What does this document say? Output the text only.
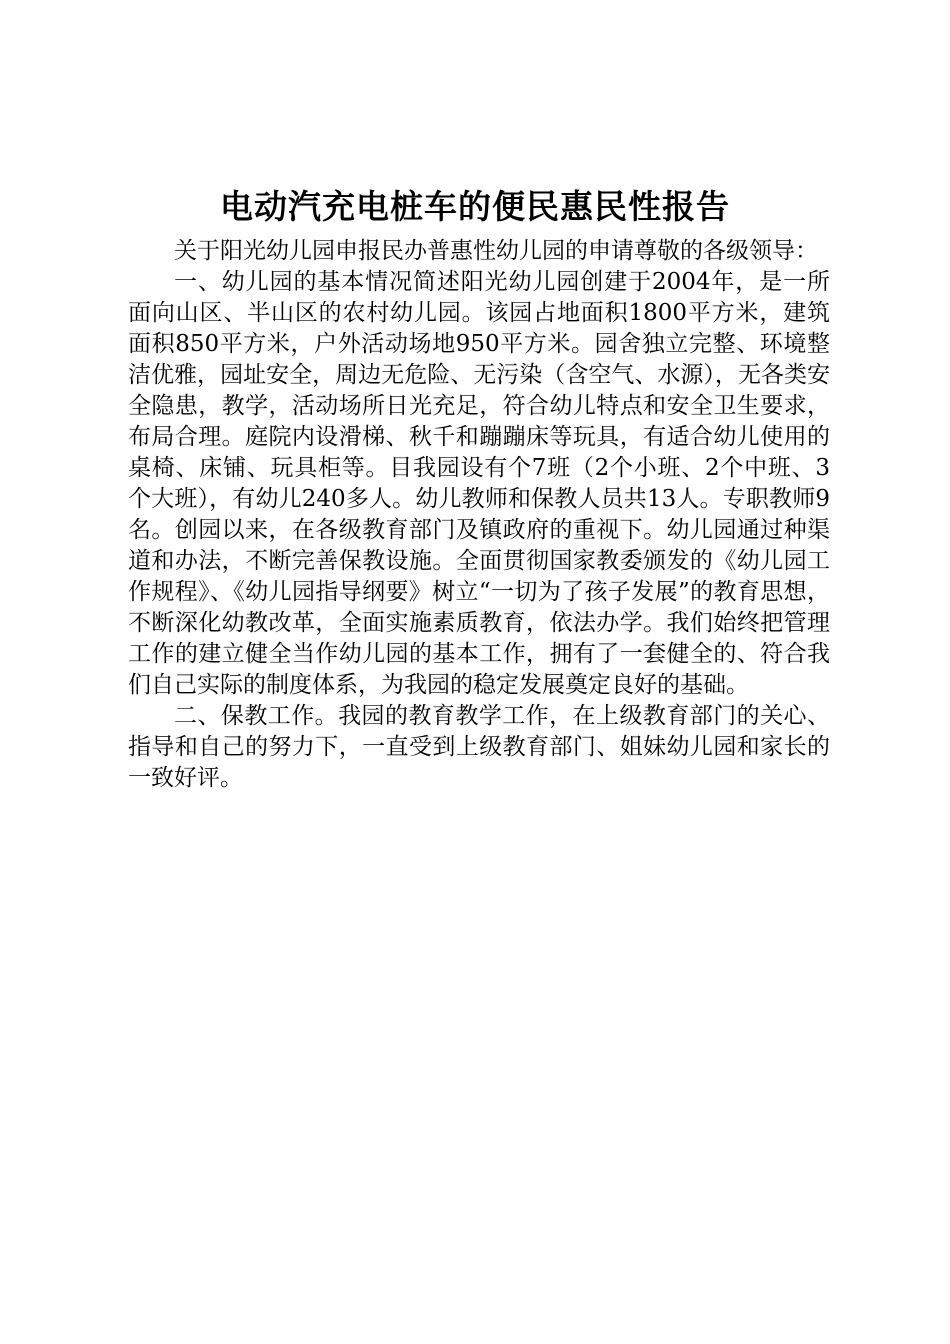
电动汽充电桩车的便民惠民性报告

关于阳光幼儿园申报民办普惠性幼儿园的申请尊敬的各级领导：

一、幼儿园的基本情况简述阳光幼儿园创建于2004年，是一所面向山区、半山区的农村幼儿园。该园占地面积1800平方米，建筑面积850平方米，户外活动场地950平方米。园舍独立完整、环境整洁优雅，园址安全，周边无危险、无污染（含空气、水源），无各类安全隐患，教学，活动场所日光充足，符合幼儿特点和安全卫生要求，布局合理。庭院内设滑梯、秋千和蹦蹦床等玩具，有适合幼儿使用的桌椅、床铺、玩具柜等。目我园设有个7班（2个小班、2个中班、3个大班），有幼儿240多人。幼儿教师和保教人员共13人。专职教师9名。创园以来，在各级教育部门及镇政府的重视下。幼儿园通过种渠道和办法，不断完善保教设施。全面贯彻国家教委颁发的《幼儿园工作规程》、《幼儿园指导纲要》树立“一切为了孩子发展”的教育思想，不断深化幼教改革，全面实施素质教育，依法办学。我们始终把管理工作的建立健全当作幼儿园的基本工作，拥有了一套健全的、符合我们自己实际的制度体系，为我园的稳定发展奠定良好的基础。

二、保教工作。我园的教育教学工作，在上级教育部门的关心、指导和自己的努力下，一直受到上级教育部门、姐妹幼儿园和家长的一致好评。
